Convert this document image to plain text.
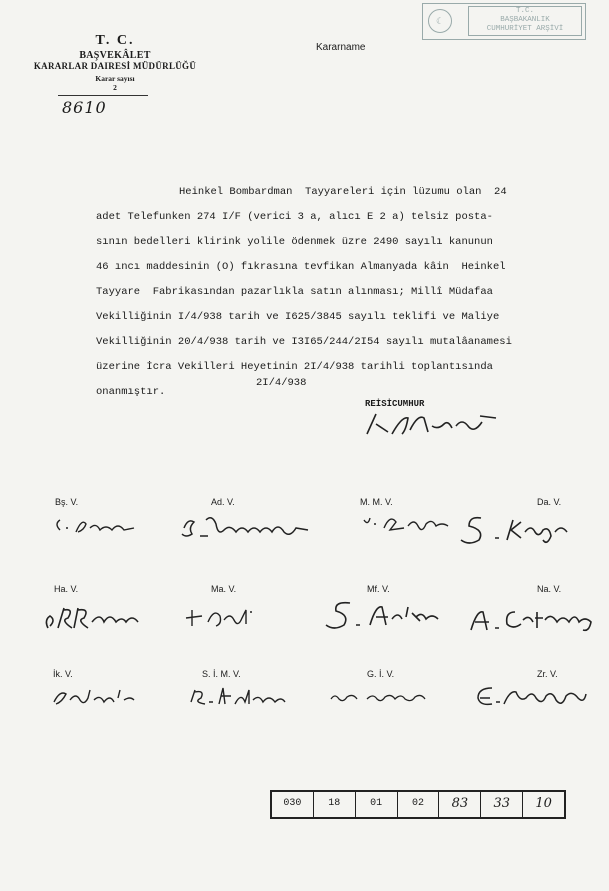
T. C.
BAŞVEKÂLET
KARARLAR DAIRESİ MÜDÜRLÜĞÜ
Karar sayısı
2
8610
Kararname
☾
T.C.
BAŞBAKANLIK
CUMHURİYET ARŞİVİ
Heinkel Bombardman  Tayyareleri için lüzumu olan  24
adet Telefunken 274 I/F (verici 3 a, alıcı E 2 a) telsiz posta-
sının bedelleri klirink yolile ödenmek üzre 2490 sayılı kanunun
46 ıncı maddesinin (O) fıkrasına tevfikan Almanyada kâin  Heinkel
Tayyare  Fabrikasından pazarlıkla satın alınması; Millî Müdafaa
Vekilliğinin I/4/938 tarih ve I625/3845 sayılı teklifi ve Maliye
Vekilliğinin 20/4/938 tarih ve I3I65/244/2I54 sayılı mutalâanamesi
üzerine İcra Vekilleri Heyetinin 2I/4/938 tarihli toplantısında
onanmıştır.
2I/4/938
REİSİCUMHUR
Bş. V.	Ad. V.	M. M. V.	Da. V.
Ha. V.	Ma. V.	Mf. V.	Na. V.
İk. V.	S. İ. M. V.	G. İ. V.	Zr. V.
030	18	01	02	83	33	10
